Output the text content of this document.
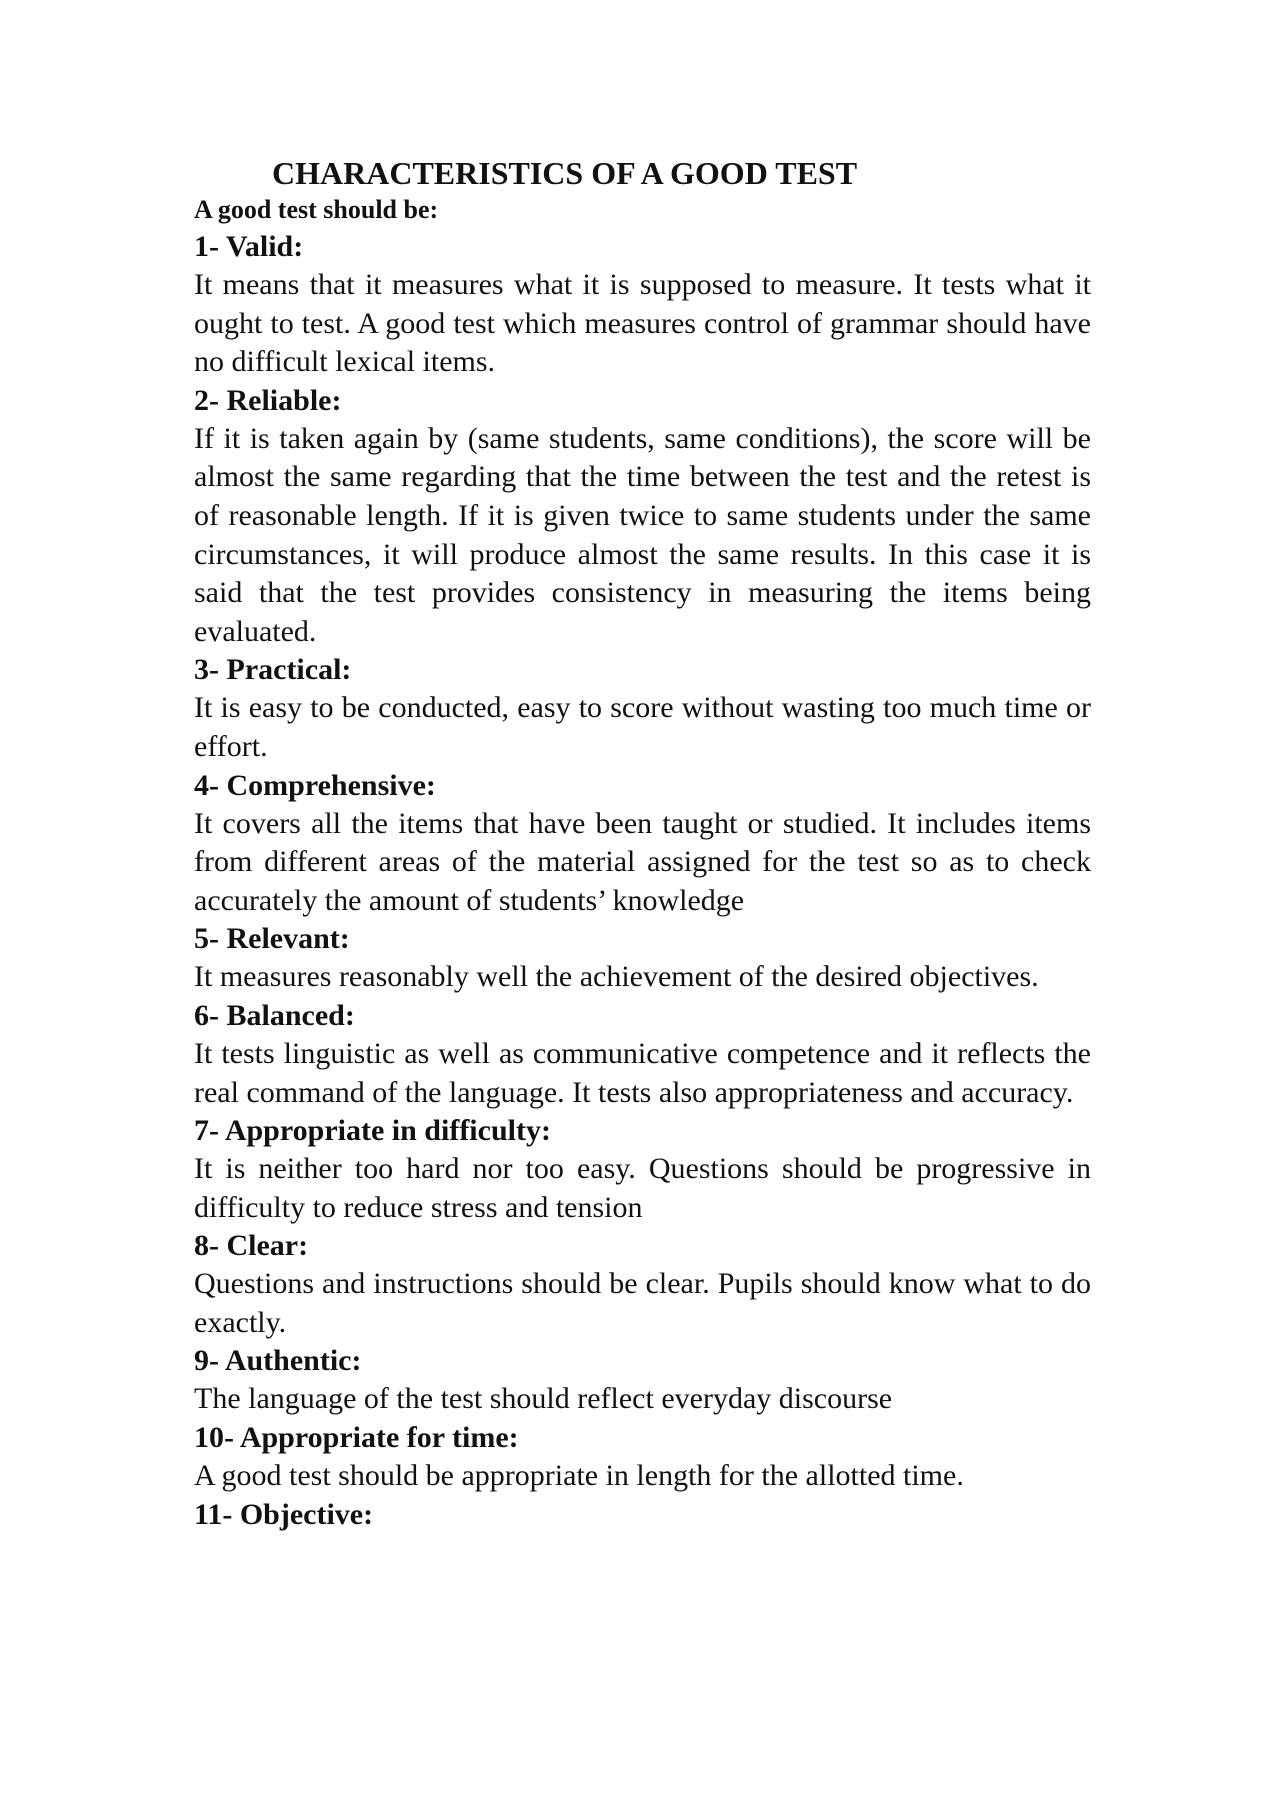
CHARACTERISTICS OF A GOOD TEST

A good test should be:

1- Valid:

It means that it measures what it is supposed to measure. It tests what it ought to test. A good test which measures control of grammar should have no difficult lexical items.

2- Reliable:

If it is taken again by (same students, same conditions), the score will be almost the same regarding that the time between the test and the retest is of reasonable length. If it is given twice to same students under the same circumstances, it will produce almost the same results. In this case it is said that the test provides consistency in measuring the items being evaluated.

3- Practical:

It is easy to be conducted, easy to score without wasting too much time or effort.

4- Comprehensive:

It covers all the items that have been taught or studied. It includes items from different areas of the material assigned for the test so as to check accurately the amount of students’ knowledge

5- Relevant:

It measures reasonably well the achievement of the desired objectives.

6- Balanced:

It tests linguistic as well as communicative competence and it reflects the real command of the language. It tests also appropriateness and accuracy.

7- Appropriate in difficulty:

It is neither too hard nor too easy. Questions should be progressive in difficulty to reduce stress and tension

8- Clear:

Questions and instructions should be clear. Pupils should know what to do exactly.

9- Authentic:

The language of the test should reflect everyday discourse

10- Appropriate for time:

A good test should be appropriate in length for the allotted time.

11- Objective:
